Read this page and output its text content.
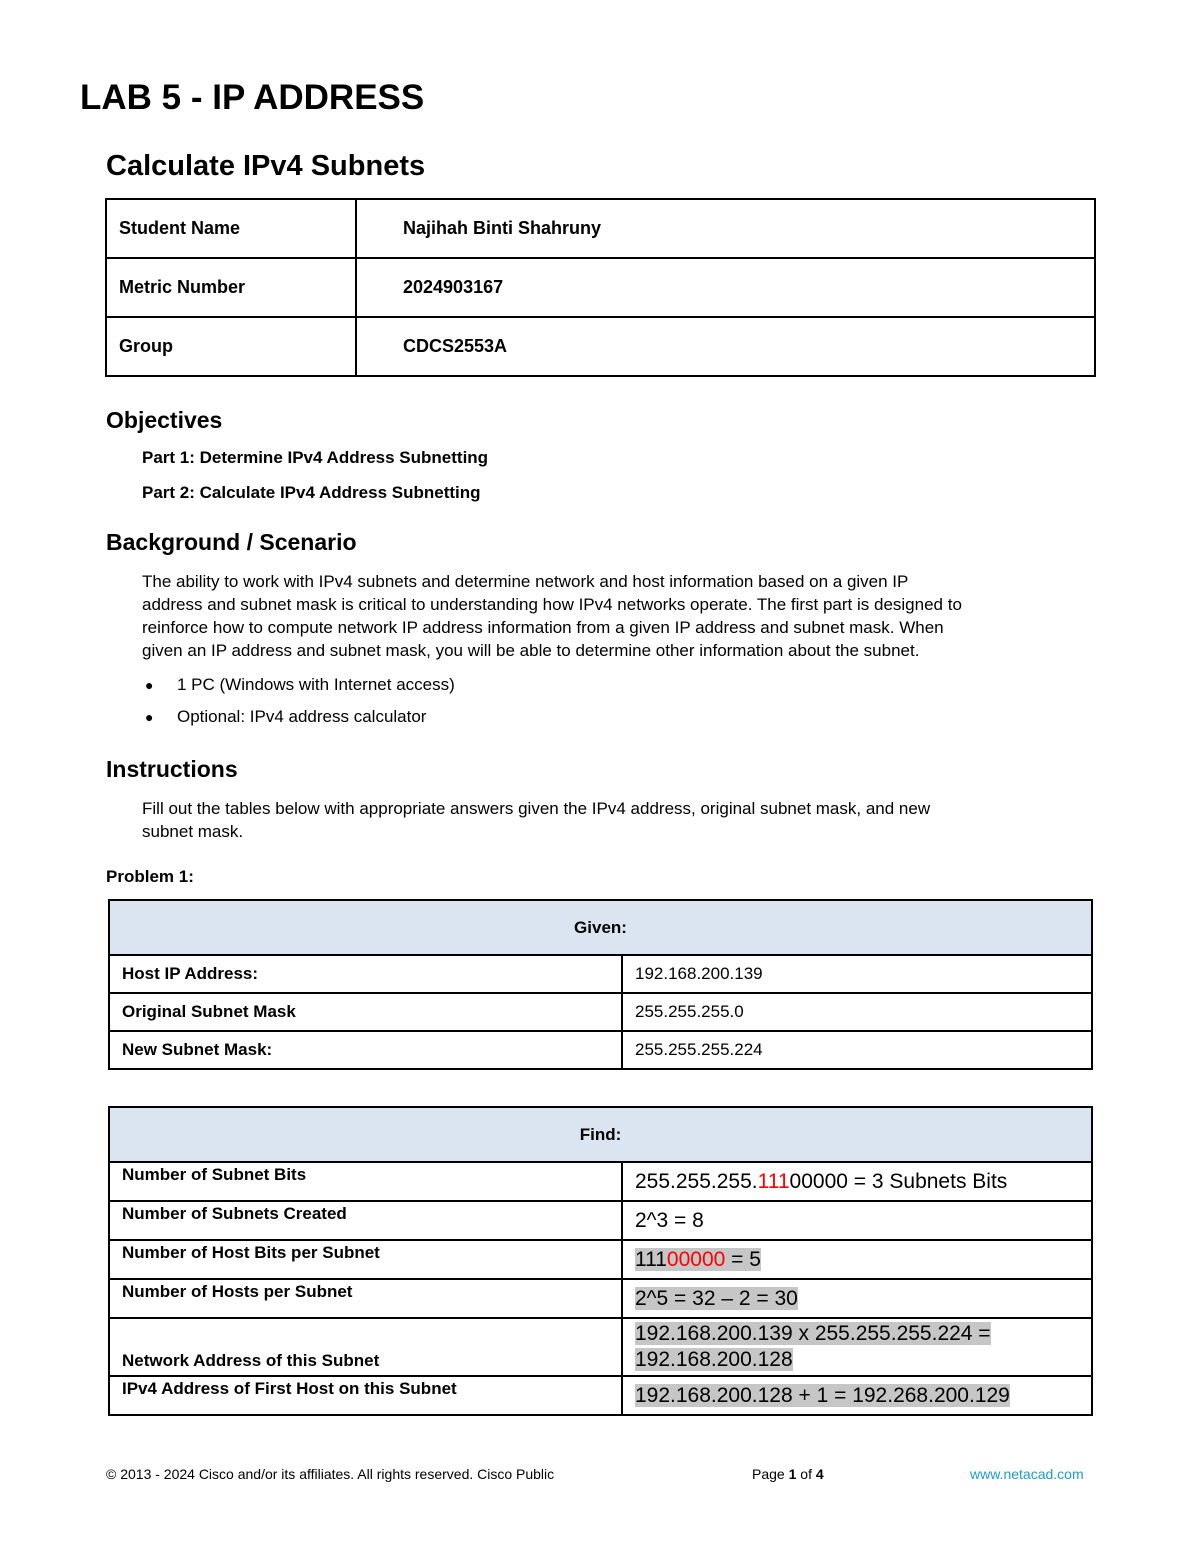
LAB 5 - IP ADDRESS
Calculate IPv4 Subnets
Student Name	Najihah Binti Shahruny
Metric Number	2024903167
Group	CDCS2553A
Objectives
Part 1: Determine IPv4 Address Subnetting
Part 2: Calculate IPv4 Address Subnetting
Background / Scenario
The ability to work with IPv4 subnets and determine network and host information based on a given IP
address and subnet mask is critical to understanding how IPv4 networks operate. The first part is designed to
reinforce how to compute network IP address information from a given IP address and subnet mask. When
given an IP address and subnet mask, you will be able to determine other information about the subnet.
● 1 PC (Windows with Internet access)
● Optional: IPv4 address calculator
Instructions
Fill out the tables below with appropriate answers given the IPv4 address, original subnet mask, and new
subnet mask.
Problem 1:
Given:	
Host IP Address:	192.168.200.139
Original Subnet Mask	255.255.255.0
New Subnet Mask:	255.255.255.224
Find:	
Number of Subnet Bits	255.255.255.11100000 = 3 Subnets Bits
Number of Subnets Created	2^3 = 8
Number of Host Bits per Subnet	11100000 = 5
Number of Hosts per Subnet	2^5 = 32 – 2 = 30
Network Address of this Subnet	192.168.200.139 x 255.255.255.224 =
192.168.200.128
IPv4 Address of First Host on this Subnet	192.168.200.128 + 1 = 192.268.200.129
© 2013 - 2024 Cisco and/or its affiliates. All rights reserved. Cisco Public	Page 1 of 4	www.netacad.com
